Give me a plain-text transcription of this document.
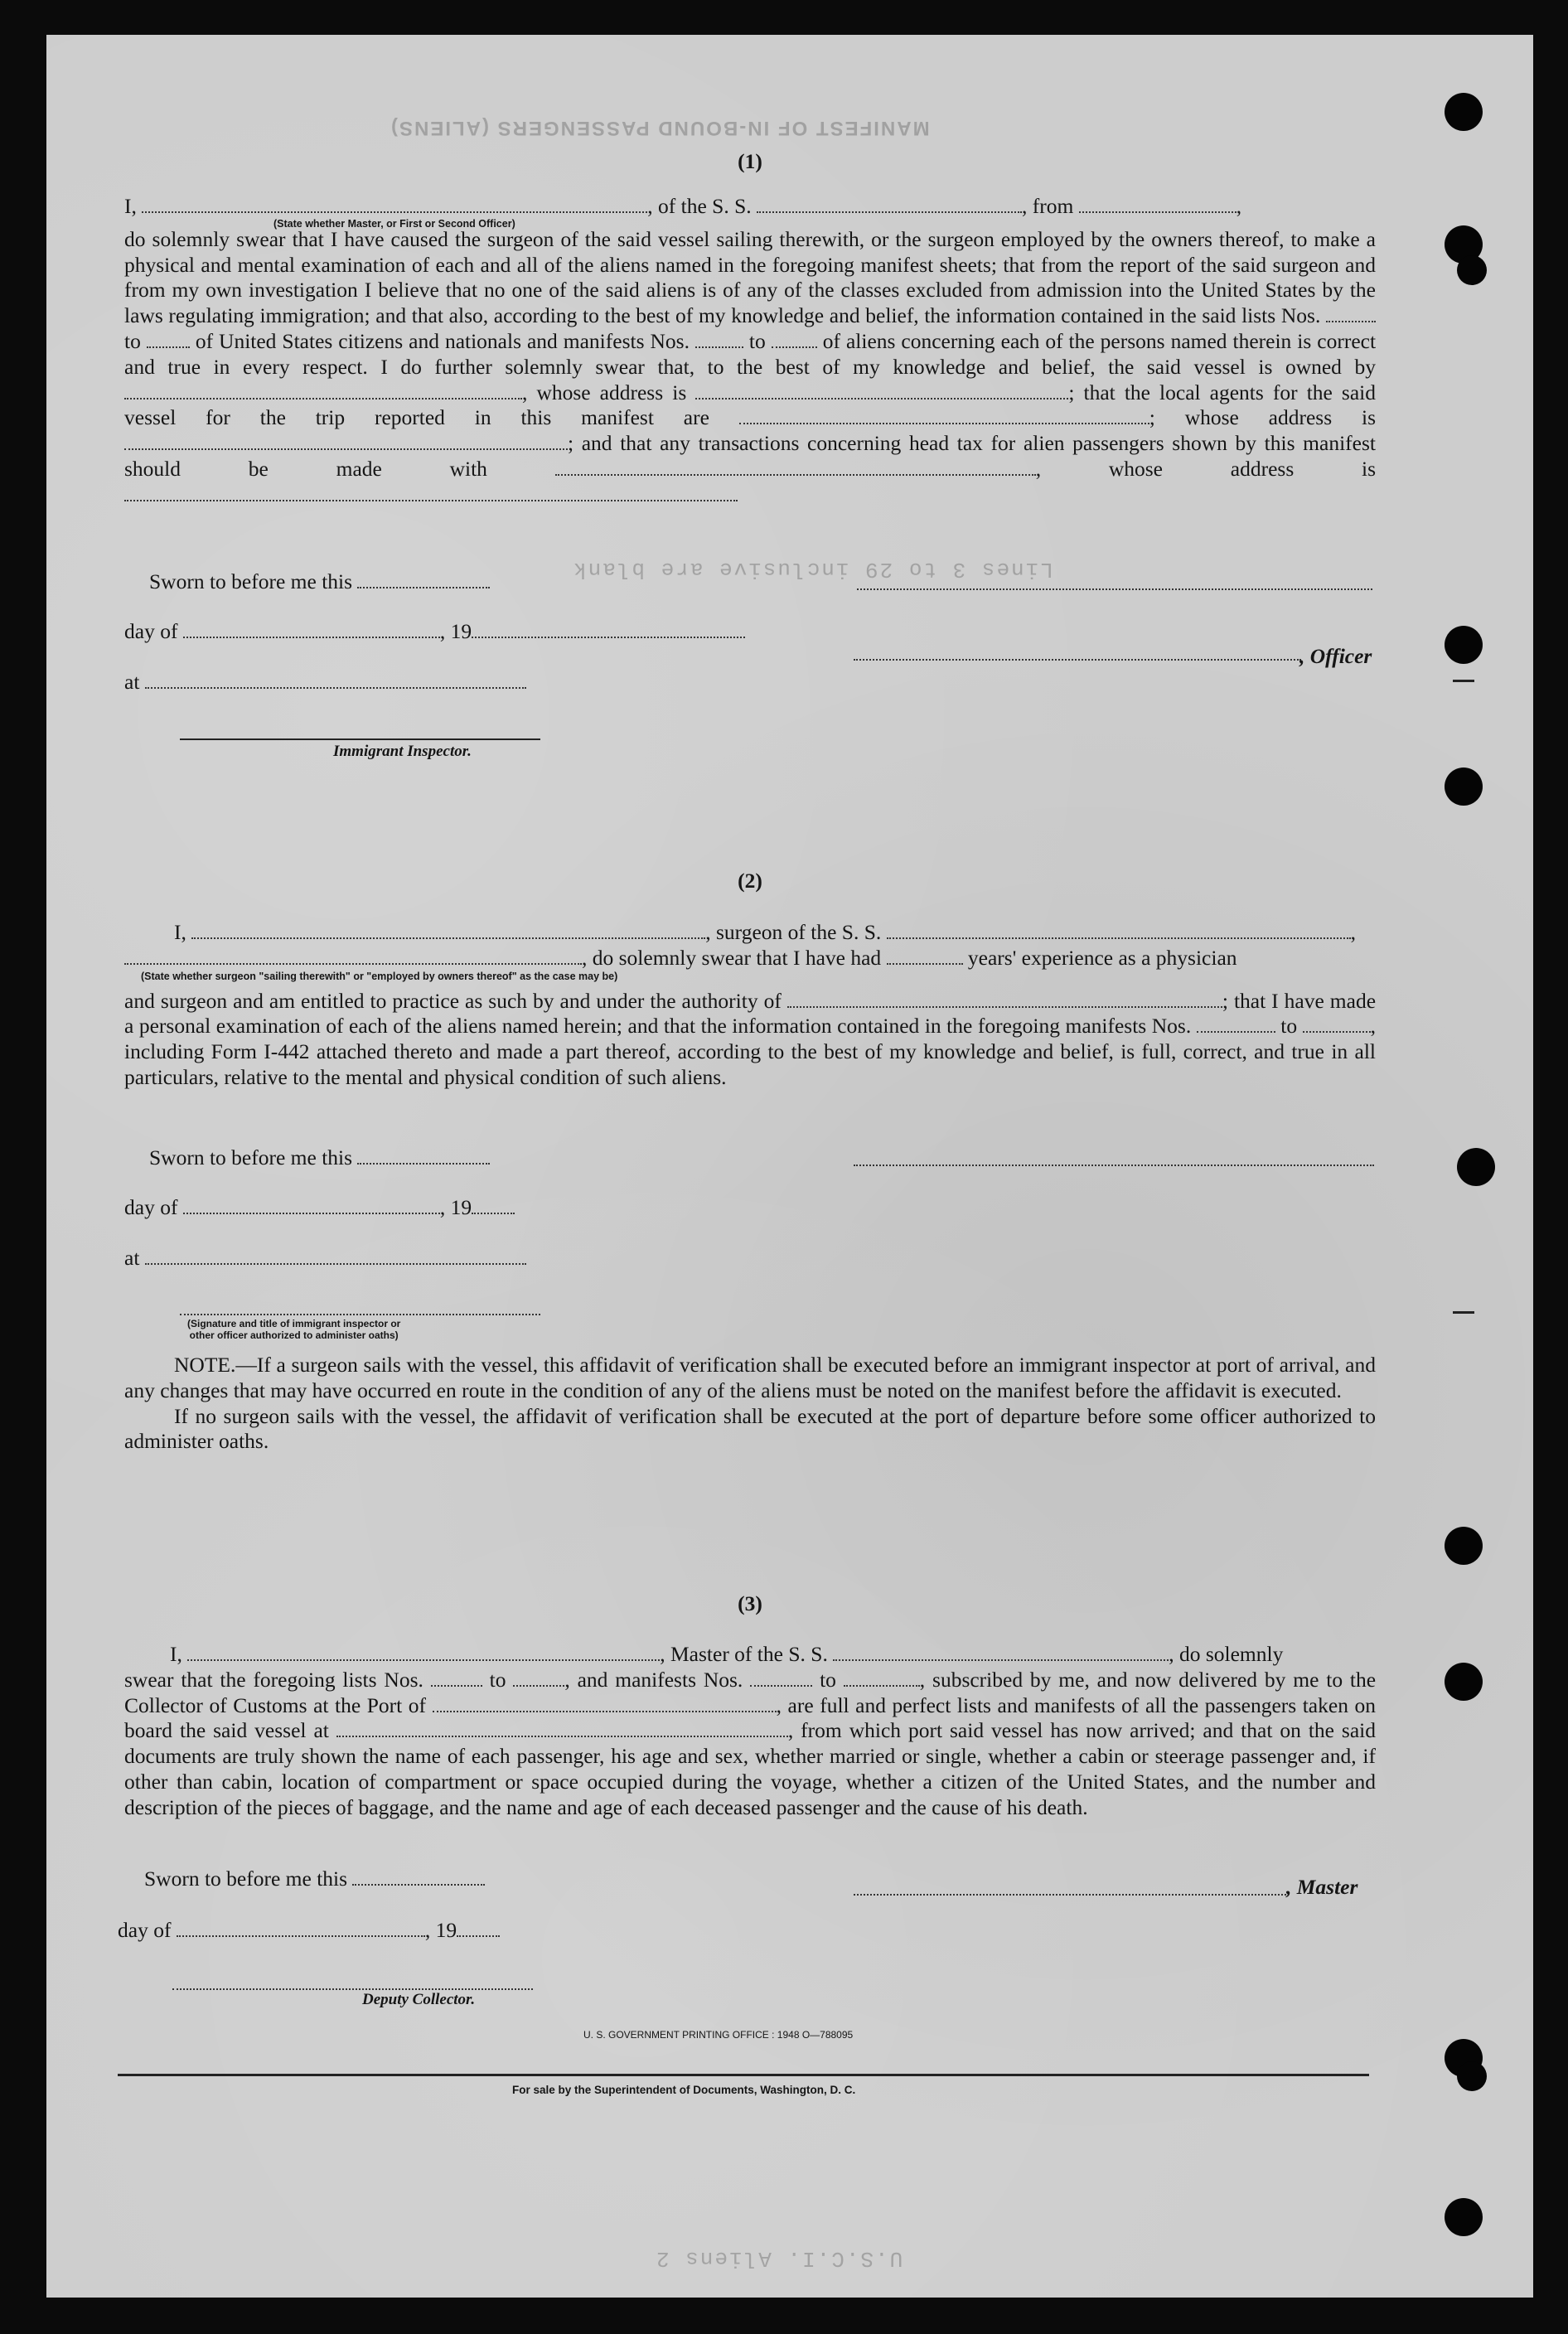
MANIFEST OF IN-BOUND PASSENGERS (ALIENS)
Lines 3 to 29 inclusive are blank
U.S.C.I. Aliens 2
(1)
I,	, of the S. S.	, from	,
(State whether Master, or First or Second Officer)

do solemnly swear that I have caused the surgeon of the said vessel sailing therewith, or the surgeon employed by the owners thereof, to make a physical and mental examination of each and all of the aliens named in the foregoing manifest sheets; that from the report of the said surgeon and from my own investigation I believe that no one of the said aliens is of any of the classes excluded from admission into the United States by the laws regulating immigration; and that also, according to the best of my knowledge and belief, the information contained in the said lists Nos.  to	of United States citizens and nationals and manifests Nos.	to	of aliens concerning each of the persons named therein is correct and true in every respect. I do further solemnly swear that, to the best of my knowledge and belief, the said vessel is owned by , whose address is	; that the local agents for the said vessel for the trip reported in this manifest are	; whose address is ; and that any transactions concerning head tax for alien passengers shown by this manifest should be made with	, whose address is

Sworn to before me this
day of	, 19
, Officer
at
Immigrant Inspector.
(2)
I,	, surgeon of the S. S.	,
, do solemnly swear that I have had	years' experience as a physician
(State whether surgeon "sailing therewith" or "employed by owners thereof" as the case may be)

and surgeon and am entitled to practice as such by and under the authority of	; that I have made a personal examination of each of the aliens named herein; and that the information contained in the foregoing manifests Nos.	to	, including Form I-442 attached thereto and made a part thereof, according to the best of my knowledge and belief, is full, correct, and true in all particulars, relative to the mental and physical condition of such aliens.

Sworn to before me this
day of	, 19
at
(Signature and title of immigrant inspector or
other officer authorized to administer oaths)

NOTE.—If a surgeon sails with the vessel, this affidavit of verification shall be executed before an immigrant inspector at port of arrival, and any changes that may have occurred en route in the condition of any of the aliens must be noted on the manifest before the affidavit is executed.

If no surgeon sails with the vessel, the affidavit of verification shall be executed at the port of departure before some officer authorized to administer oaths.

(3)
I,	, Master of the S. S.	, do solemnly

swear that the foregoing lists Nos.	to	, and manifests Nos.	to	, subscribed by me, and now delivered by me to the Collector of Customs at the Port of	, are full and perfect lists and manifests of all the passengers taken on board the said vessel at	, from which port said vessel has now arrived; and that on the said documents are truly shown the name of each passenger, his age and sex, whether married or single, whether a cabin or steerage passenger and, if other than cabin, location of compartment or space occupied during the voyage, whether a citizen of the United States, and the number and description of the pieces of baggage, and the name and age of each deceased passenger and the cause of his death.

Sworn to before me this	, Master
day of	, 19
Deputy Collector.
U. S. GOVERNMENT PRINTING OFFICE : 1948 O—788095
For sale by the Superintendent of Documents, Washington, D. C.
